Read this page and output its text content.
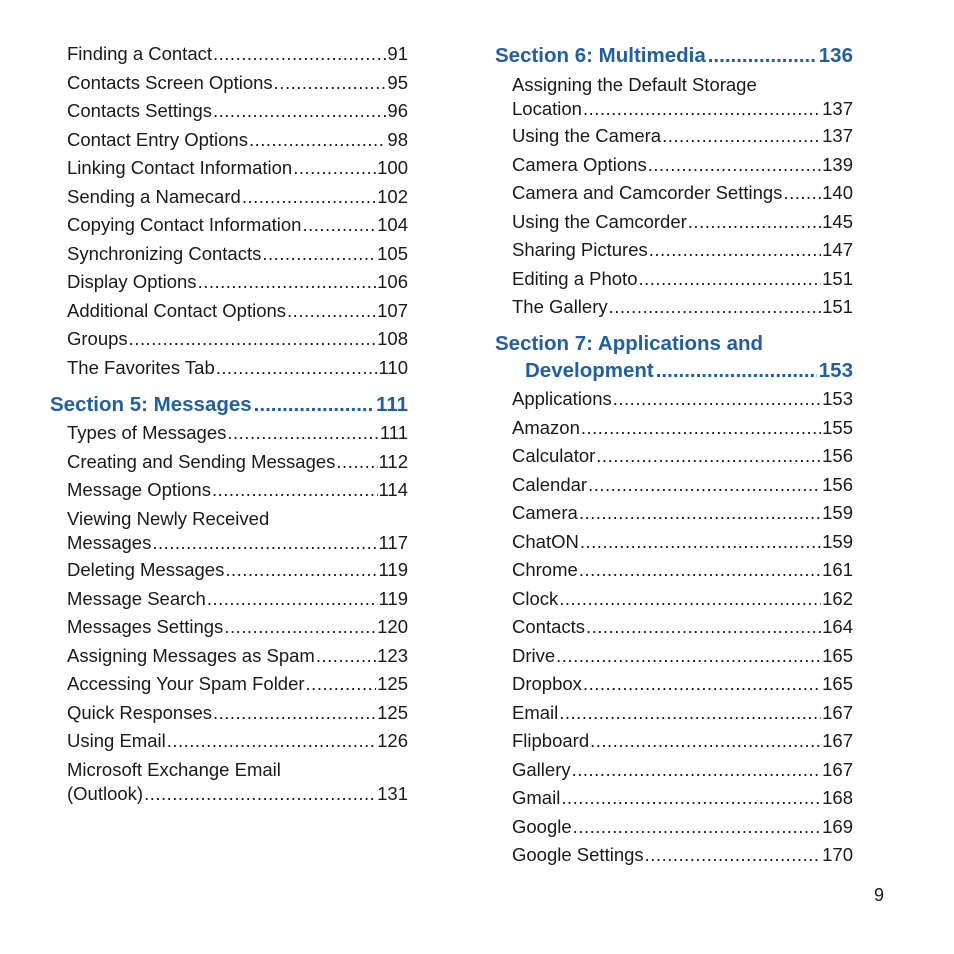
Finding a Contact .....	91
Contacts Screen Options .....	95
Contacts Settings .....	96
Contact Entry Options .....	98
Linking Contact Information .....	100
Sending a Namecard .....	102
Copying Contact Information .....	104
Synchronizing Contacts .....	105
Display Options .....	106
Additional Contact Options .....	107
Groups .....	108
The Favorites Tab .....	110
Section 5: Messages .....	111
Types of Messages .....	111
Creating and Sending Messages ..... 112
Message Options .....	114
Viewing Newly Received
Messages .....	117
Deleting Messages .....	119
Message Search .....	119
Messages Settings .....	120
Assigning Messages as Spam .....	123
Accessing Your Spam Folder .....	125
Quick Responses .....	125
Using Email .....	126
Microsoft Exchange Email
(Outlook) .....	131
Section 6: Multimedia .....	136
Assigning the Default Storage
Location .....	137
Using the Camera .....	137
Camera Options .....	139
Camera and Camcorder Settings ..... 140
Using the Camcorder .....	145
Sharing Pictures .....	147
Editing a Photo .....	151
The Gallery .....	151
Section 7: Applications and
Development .....	153
Applications .....	153
Amazon .....	155
Calculator .....	156
Calendar .....	156
Camera .....	159
ChatON .....	159
Chrome .....	161
Clock .....	162
Contacts .....	164
Drive .....	165
Dropbox .....	165
Email .....	167
Flipboard .....	167
Gallery .....	167
Gmail .....	168
Google .....	169
Google Settings .....	170
9
